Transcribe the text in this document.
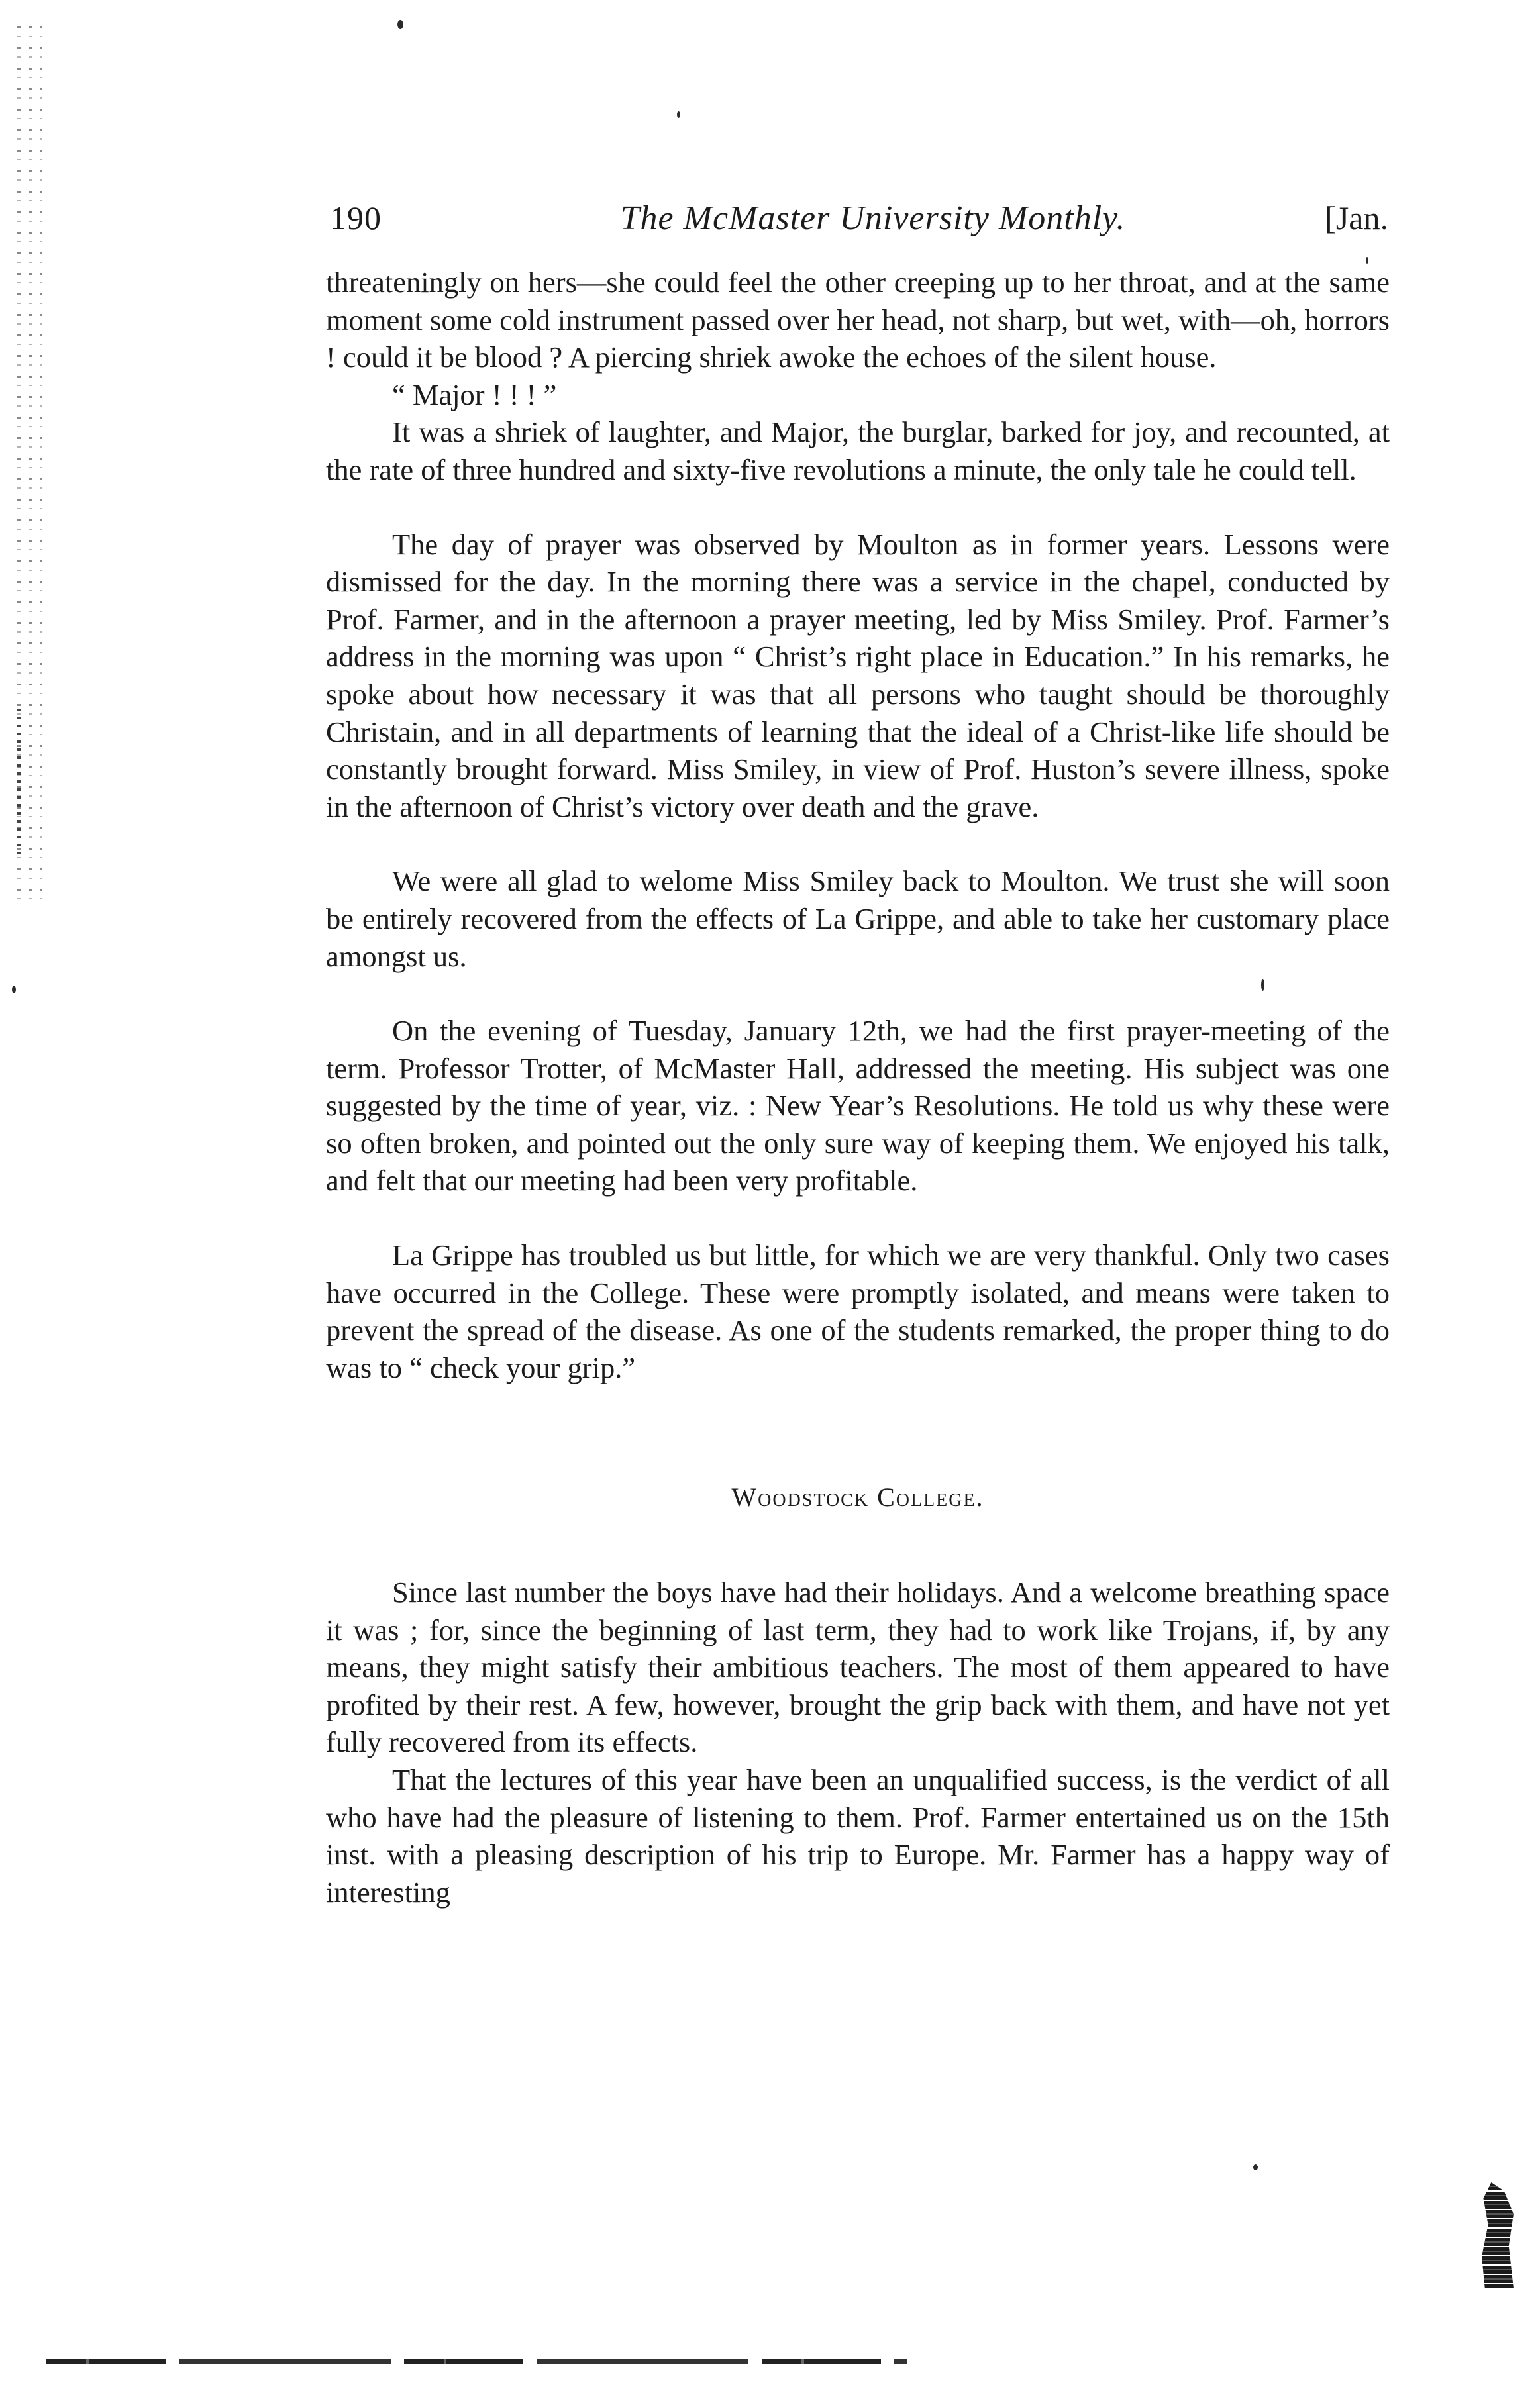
190	The McMaster University Monthly.	[Jan.

threateningly on hers—she could feel the other creeping up to her throat, and at the same moment some cold instrument passed over her head, not sharp, but wet, with—oh, horrors ! could it be blood ? A piercing shriek awoke the echoes of the silent house.

“ Major ! ! ! ”

It was a shriek of laughter, and Major, the burglar, barked for joy, and recounted, at the rate of three hundred and sixty-five revolutions a minute, the only tale he could tell.

The day of prayer was observed by Moulton as in former years. Lessons were dismissed for the day. In the morning there was a service in the chapel, conducted by Prof. Farmer, and in the afternoon a prayer meeting, led by Miss Smiley. Prof. Farmer’s address in the morning was upon “ Christ’s right place in Education.” In his remarks, he spoke about how necessary it was that all persons who taught should be thoroughly Christain, and in all departments of learning that the ideal of a Christ-like life should be constantly brought forward. Miss Smiley, in view of Prof. Huston’s severe illness, spoke in the afternoon of Christ’s victory over death and the grave.

We were all glad to welome Miss Smiley back to Moulton. We trust she will soon be entirely recovered from the effects of La Grippe, and able to take her customary place amongst us.

On the evening of Tuesday, January 12th, we had the first prayer-meeting of the term. Professor Trotter, of McMaster Hall, addressed the meeting. His subject was one suggested by the time of year, viz. : New Year’s Resolutions. He told us why these were so often broken, and pointed out the only sure way of keeping them. We enjoyed his talk, and felt that our meeting had been very profitable.

La Grippe has troubled us but little, for which we are very thankful. Only two cases have occurred in the College. These were promptly isolated, and means were taken to prevent the spread of the disease. As one of the students remarked, the proper thing to do was to “ check your grip.”

Woodstock College.

Since last number the boys have had their holidays. And a welcome breathing space it was ; for, since the beginning of last term, they had to work like Trojans, if, by any means, they might satisfy their ambitious teachers. The most of them appeared to have profited by their rest. A few, however, brought the grip back with them, and have not yet fully recovered from its effects.

That the lectures of this year have been an unqualified success, is the verdict of all who have had the pleasure of listening to them. Prof. Farmer entertained us on the 15th inst. with a pleasing description of his trip to Europe. Mr. Farmer has a happy way of interesting
